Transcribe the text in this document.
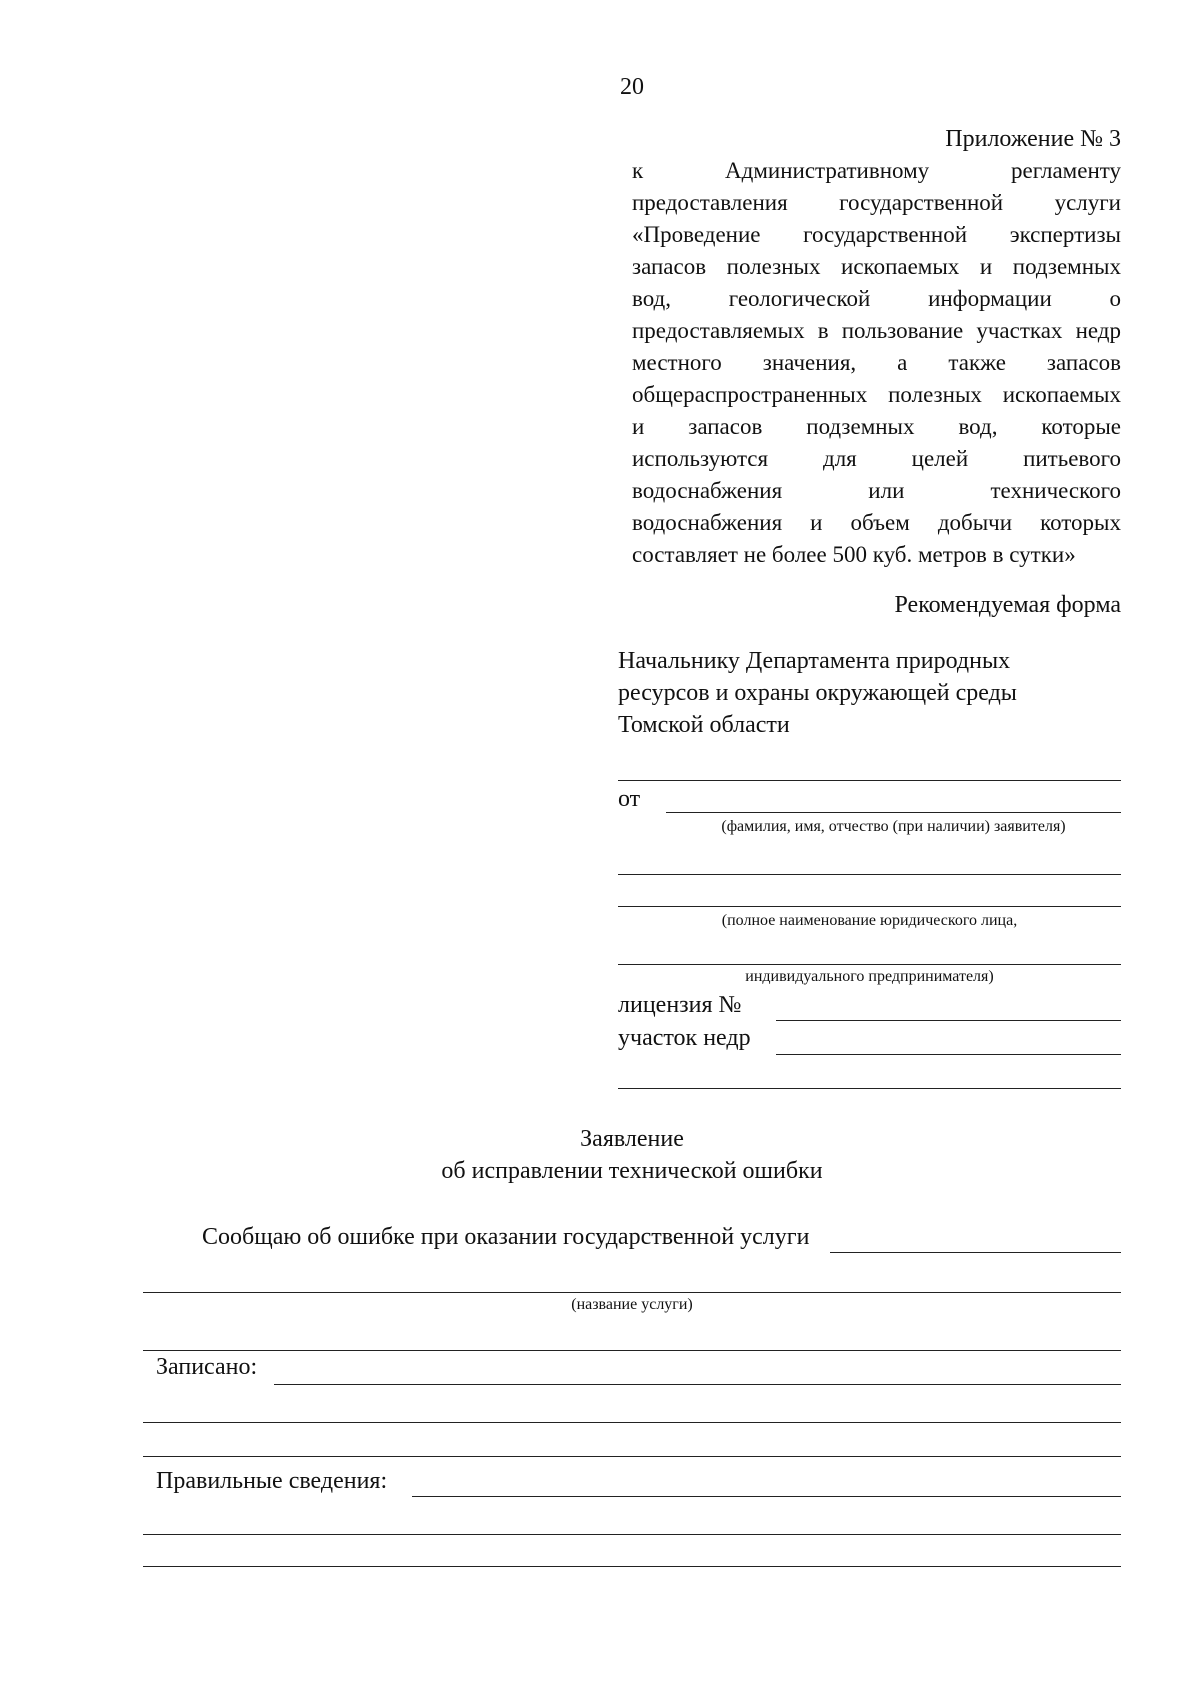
20
Приложение № 3
к Административному регламенту
предоставления государственной услуги
«Проведение государственной экспертизы
запасов полезных ископаемых и подземных
вод, геологической информации о
предоставляемых в пользование участках недр
местного значения, а также запасов
общераспространенных полезных ископаемых
и запасов подземных вод, которые
используются для целей питьевого
водоснабжения или технического
водоснабжения и объем добычи которых
составляет не более 500 куб. метров в сутки»
Рекомендуемая форма
Начальнику Департамента природных
ресурсов и охраны окружающей среды
Томской области
от
(фамилия, имя, отчество (при наличии) заявителя)
(полное наименование юридического лица,
индивидуального предпринимателя)
лицензия №
участок недр
Заявление
об исправлении технической ошибки
Сообщаю об ошибке при оказании государственной услуги
(название услуги)
Записано:
Правильные сведения:
